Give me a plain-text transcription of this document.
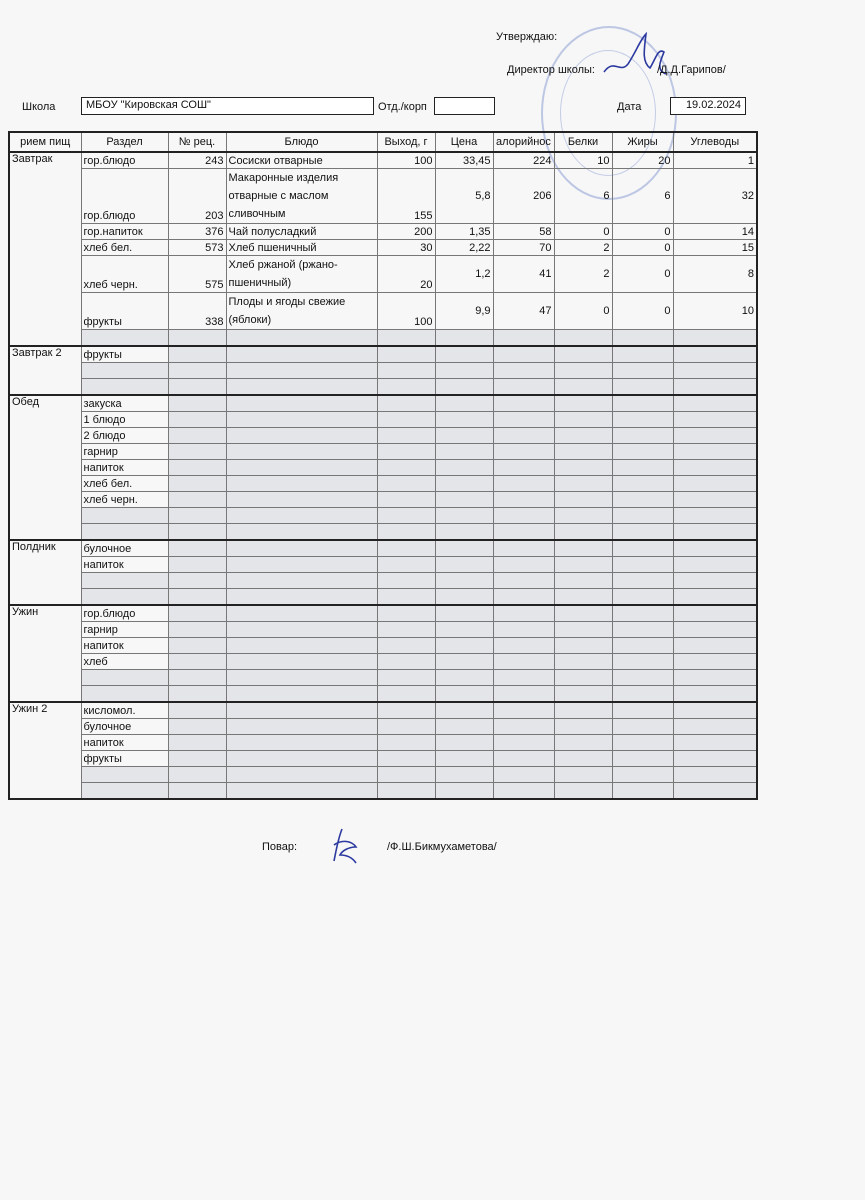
Утверждаю:
Директор школы:	/Д.Д.Гарипов/
Школа	МБОУ "Кировская СОШ"	Отд./корп	Дата	19.02.2024
рием пищ	Раздел	№ рец.	Блюдо	Выход, г	Цена	алорийнос	Белки	Жиры	Углеводы
Завтрак	гор.блюдо	243	Сосиски отварные	100	33,45	224	10	20	1
	гор.блюдо	203	Макаронные изделия отварные с маслом сливочным	155	5,8	206	6	6	32
	гор.напиток	376	Чай полусладкий	200	1,35	58	0	0	14
	хлеб бел.	573	Хлеб пшеничный	30	2,22	70	2	0	15
	хлеб черн.	575	Хлеб ржаной (ржано-пшеничный)	20	1,2	41	2	0	8
	фрукты	338	Плоды и ягоды свежие (яблоки)	100	9,9	47	0	0	10

Завтрак 2	фрукты								

Обед	закуска								
	1 блюдо								
	2 блюдо								
	гарнир								
	напиток								
	хлеб бел.								
	хлеб черн.								

Полдник	булочное								
	напиток								

Ужин	гор.блюдо								
	гарнир								
	напиток								
	хлеб								

Ужин 2	кисломол.								
	булочное								
	напиток								
	фрукты								

Повар:	/Ф.Ш.Бикмухаметова/
